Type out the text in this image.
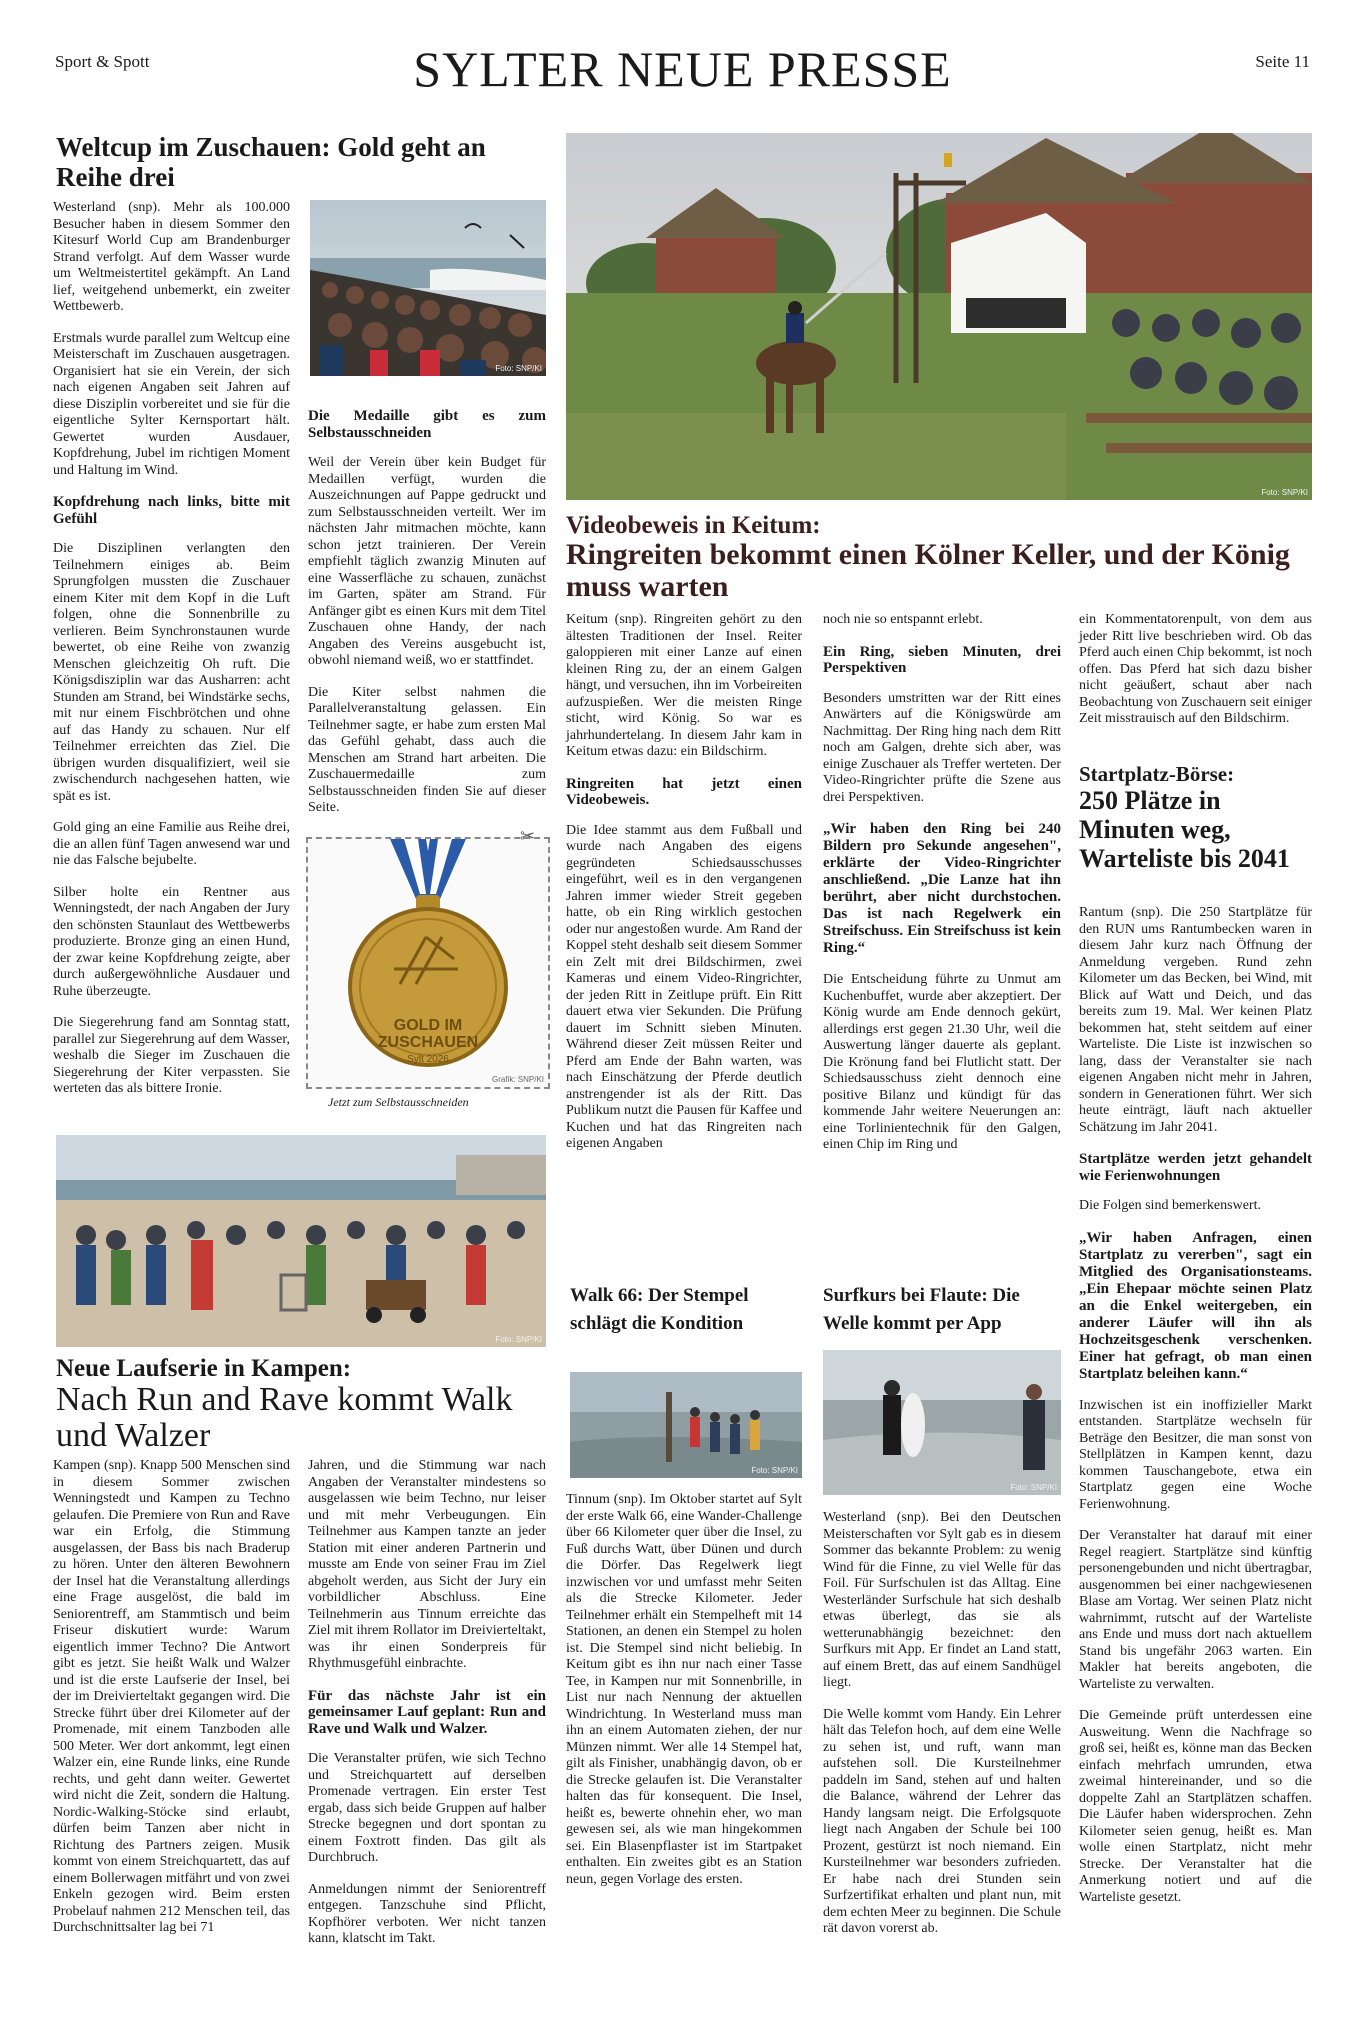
Sport & Spott	SYLTER NEUE PRESSE	Seite 11
Weltcup im Zuschauen: Gold geht an Reihe drei

Westerland (snp). Mehr als 100.000 Besucher haben in diesem Sommer den Kitesurf World Cup am Brandenburger Strand verfolgt. Auf dem Wasser wurde um Weltmeistertitel gekämpft. An Land lief, weitgehend unbemerkt, ein zweiter Wettbewerb.

Erstmals wurde parallel zum Weltcup eine Meisterschaft im Zuschauen ausgetragen. Organisiert hat sie ein Verein, der sich nach eigenen Angaben seit Jahren auf diese Disziplin vorbereitet und sie für die eigentliche Sylter Kernsportart hält. Gewertet wurden Ausdauer, Kopfdrehung, Jubel im richtigen Moment und Haltung im Wind.

Kopfdrehung nach links, bitte mit Gefühl

Die Disziplinen verlangten den Teilnehmern einiges ab. Beim Sprungfolgen mussten die Zuschauer einem Kiter mit dem Kopf in die Luft folgen, ohne die Sonnenbrille zu verlieren. Beim Synchronstaunen wurde bewertet, ob eine Reihe von zwanzig Menschen gleichzeitig Oh ruft. Die Königsdisziplin war das Ausharren: acht Stunden am Strand, bei Windstärke sechs, mit nur einem Fischbrötchen und ohne auf das Handy zu schauen. Nur elf Teilnehmer erreichten das Ziel. Die übrigen wurden disqualifiziert, weil sie zwischendurch nachgesehen hatten, wie spät es ist.

Gold ging an eine Familie aus Reihe drei, die an allen fünf Tagen anwesend war und nie das Falsche bejubelte.

Silber holte ein Rentner aus Wenningstedt, der nach Angaben der Jury den schönsten Staunlaut des Wettbewerbs produzierte. Bronze ging an einen Hund, der zwar keine Kopfdrehung zeigte, aber durch außergewöhnliche Ausdauer und Ruhe überzeugte.

Die Siegerehrung fand am Sonntag statt, parallel zur Siegerehrung auf dem Wasser, weshalb die Sieger im Zuschauen die Siegerehrung der Kiter verpassten. Sie werteten das als bittere Ironie.

Foto: SNP/KI
Die Medaille gibt es zum Selbstausschneiden

Weil der Verein über kein Budget für Medaillen verfügt, wurden die Auszeichnungen auf Pappe gedruckt und zum Selbstausschneiden verteilt. Wer im nächsten Jahr mitmachen möchte, kann schon jetzt trainieren. Der Verein empfiehlt täglich zwanzig Minuten auf eine Wasserfläche zu schauen, zunächst im Garten, später am Strand. Für Anfänger gibt es einen Kurs mit dem Titel Zuschauen ohne Handy, der nach Angaben des Vereins ausgebucht ist, obwohl niemand weiß, wo er stattfindet.

Die Kiter selbst nahmen die Parallelveranstaltung gelassen. Ein Teilnehmer sagte, er habe zum ersten Mal das Gefühl gehabt, dass auch die Menschen am Strand hart arbeiten. Die Zuschauermedaille zum Selbstausschneiden finden Sie auf dieser Seite.

GOLD IM
ZUSCHAUEN
Sylt 2026
Grafik: SNP/KI
✂
Jetzt zum Selbstausschneiden
Foto: SNP/KI
Videobeweis in Keitum:
Ringreiten bekommt einen Kölner Keller, und der König muss warten

Keitum (snp). Ringreiten gehört zu den ältesten Traditionen der Insel. Reiter galoppieren mit einer Lanze auf einen kleinen Ring zu, der an einem Galgen hängt, und versuchen, ihn im Vorbeireiten aufzuspießen. Wer die meisten Ringe sticht, wird König. So war es jahrhundertelang. In diesem Jahr kam in Keitum etwas dazu: ein Bildschirm.

Ringreiten hat jetzt einen Videobeweis.

Die Idee stammt aus dem Fußball und wurde nach Angaben des eigens gegründeten Schiedsausschusses eingeführt, weil es in den vergangenen Jahren immer wieder Streit gegeben hatte, ob ein Ring wirklich gestochen oder nur angestoßen wurde. Am Rand der Koppel steht deshalb seit diesem Sommer ein Zelt mit drei Bildschirmen, zwei Kameras und einem Video-Ringrichter, der jeden Ritt in Zeitlupe prüft. Ein Ritt dauert etwa vier Sekunden. Die Prüfung dauert im Schnitt sieben Minuten. Während dieser Zeit müssen Reiter und Pferd am Ende der Bahn warten, was nach Einschätzung der Pferde deutlich anstrengender ist als der Ritt. Das Publikum nutzt die Pausen für Kaffee und Kuchen und hat das Ringreiten nach eigenen Angaben

noch nie so entspannt erlebt.

Ein Ring, sieben Minuten, drei Perspektiven

Besonders umstritten war der Ritt eines Anwärters auf die Königswürde am Nachmittag. Der Ring hing nach dem Ritt noch am Galgen, drehte sich aber, was einige Zuschauer als Treffer werteten. Der Video-Ringrichter prüfte die Szene aus drei Perspektiven.

„Wir haben den Ring bei 240 Bildern pro Sekunde angesehen", erklärte der Video-Ringrichter anschließend. „Die Lanze hat ihn berührt, aber nicht durchstochen. Das ist nach Regelwerk ein Streifschuss. Ein Streifschuss ist kein Ring.“

Die Entscheidung führte zu Unmut am Kuchenbuffet, wurde aber akzeptiert. Der König wurde am Ende dennoch gekürt, allerdings erst gegen 21.30 Uhr, weil die Auswertung länger dauerte als geplant. Die Krönung fand bei Flutlicht statt. Der Schiedsausschuss zieht dennoch eine positive Bilanz und kündigt für das kommende Jahr weitere Neuerungen an: eine Torlinientechnik für den Galgen, einen Chip im Ring und

ein Kommentatorenpult, von dem aus jeder Ritt live beschrieben wird. Ob das Pferd auch einen Chip bekommt, ist noch offen. Das Pferd hat sich dazu bisher nicht geäußert, schaut aber nach Beobachtung von Zuschauern seit einiger Zeit misstrauisch auf den Bildschirm.

Startplatz-Börse:
250 Plätze in Minuten weg, Warteliste bis 2041

Rantum (snp). Die 250 Startplätze für den RUN ums Rantumbecken waren in diesem Jahr kurz nach Öffnung der Anmeldung vergeben. Rund zehn Kilometer um das Becken, bei Wind, mit Blick auf Watt und Deich, und das bereits zum 19. Mal. Wer keinen Platz bekommen hat, steht seitdem auf einer Warteliste. Die Liste ist inzwischen so lang, dass der Veranstalter sie nach eigenen Angaben nicht mehr in Jahren, sondern in Generationen führt. Wer sich heute einträgt, läuft nach aktueller Schätzung im Jahr 2041.

Startplätze werden jetzt gehandelt wie Ferienwohnungen

Die Folgen sind bemerkenswert.

„Wir haben Anfragen, einen Startplatz zu vererben", sagt ein Mitglied des Organisationsteams. „Ein Ehepaar möchte seinen Platz an die Enkel weitergeben, ein anderer Läufer will ihn als Hochzeitsgeschenk verschenken. Einer hat gefragt, ob man einen Startplatz beleihen kann.“

Inzwischen ist ein inoffizieller Markt entstanden. Startplätze wechseln für Beträge den Besitzer, die man sonst von Stellplätzen in Kampen kennt, dazu kommen Tauschangebote, etwa ein Startplatz gegen eine Woche Ferienwohnung.

Der Veranstalter hat darauf mit einer Regel reagiert. Startplätze sind künftig personengebunden und nicht übertragbar, ausgenommen bei einer nachgewiesenen Blase am Vortag. Wer seinen Platz nicht wahrnimmt, rutscht auf der Warteliste ans Ende und muss dort nach aktuellem Stand bis ungefähr 2063 warten. Ein Makler hat bereits angeboten, die Warteliste zu verwalten.

Die Gemeinde prüft unterdessen eine Ausweitung. Wenn die Nachfrage so groß sei, heißt es, könne man das Becken einfach mehrfach umrunden, etwa zweimal hintereinander, und so die doppelte Zahl an Startplätzen schaffen. Die Läufer haben widersprochen. Zehn Kilometer seien genug, heißt es. Man wolle einen Startplatz, nicht mehr Strecke. Der Veranstalter hat die Anmerkung notiert und auf die Warteliste gesetzt.

Walk 66: Der Stempel schlägt die Kondition
Foto: SNP/KI

Tinnum (snp). Im Oktober startet auf Sylt der erste Walk 66, eine Wander-Challenge über 66 Kilometer quer über die Insel, zu Fuß durchs Watt, über Dünen und durch die Dörfer. Das Regelwerk liegt inzwischen vor und umfasst mehr Seiten als die Strecke Kilometer. Jeder Teilnehmer erhält ein Stempelheft mit 14 Stationen, an denen ein Stempel zu holen ist. Die Stempel sind nicht beliebig. In Keitum gibt es ihn nur nach einer Tasse Tee, in Kampen nur mit Sonnenbrille, in List nur nach Nennung der aktuellen Windrichtung. In Westerland muss man ihn an einem Automaten ziehen, der nur Münzen nimmt. Wer alle 14 Stempel hat, gilt als Finisher, unabhängig davon, ob er die Strecke gelaufen ist. Die Veranstalter halten das für konsequent. Die Insel, heißt es, bewerte ohnehin eher, wo man gewesen sei, als wie man hingekommen sei. Ein Blasenpflaster ist im Startpaket enthalten. Ein zweites gibt es an Station neun, gegen Vorlage des ersten.

Surfkurs bei Flaute: Die Welle kommt per App
Foto: SNP/KI

Westerland (snp). Bei den Deutschen Meisterschaften vor Sylt gab es in diesem Sommer das bekannte Problem: zu wenig Wind für die Finne, zu viel Welle für das Foil. Für Surfschulen ist das Alltag. Eine Westerländer Surfschule hat sich deshalb etwas überlegt, das sie als wetterunabhängig bezeichnet: den Surfkurs mit App. Er findet an Land statt, auf einem Brett, das auf einem Sandhügel liegt.

Die Welle kommt vom Handy. Ein Lehrer hält das Telefon hoch, auf dem eine Welle zu sehen ist, und ruft, wann man aufstehen soll. Die Kursteilnehmer paddeln im Sand, stehen auf und halten die Balance, während der Lehrer das Handy langsam neigt. Die Erfolgsquote liegt nach Angaben der Schule bei 100 Prozent, gestürzt ist noch niemand. Ein Kursteilnehmer war besonders zufrieden. Er habe nach drei Stunden sein Surfzertifikat erhalten und plant nun, mit dem echten Meer zu beginnen. Die Schule rät davon vorerst ab.

Foto: SNP/KI
Neue Laufserie in Kampen:
Nach Run and Rave kommt Walk und Walzer

Kampen (snp). Knapp 500 Menschen sind in diesem Sommer zwischen Wenningstedt und Kampen zu Techno gelaufen. Die Premiere von Run and Rave war ein Erfolg, die Stimmung ausgelassen, der Bass bis nach Braderup zu hören. Unter den älteren Bewohnern der Insel hat die Veranstaltung allerdings eine Frage ausgelöst, die bald im Seniorentreff, am Stammtisch und beim Friseur diskutiert wurde: Warum eigentlich immer Techno? Die Antwort gibt es jetzt. Sie heißt Walk und Walzer und ist die erste Laufserie der Insel, bei der im Dreivierteltakt gegangen wird. Die Strecke führt über drei Kilometer auf der Promenade, mit einem Tanzboden alle 500 Meter. Wer dort ankommt, legt einen Walzer ein, eine Runde links, eine Runde rechts, und geht dann weiter. Gewertet wird nicht die Zeit, sondern die Haltung. Nordic-Walking-Stöcke sind erlaubt, dürfen beim Tanzen aber nicht in Richtung des Partners zeigen. Musik kommt von einem Streichquartett, das auf einem Bollerwagen mitfährt und von zwei Enkeln gezogen wird. Beim ersten Probelauf nahmen 212 Menschen teil, das Durchschnittsalter lag bei 71

Jahren, und die Stimmung war nach Angaben der Veranstalter mindestens so ausgelassen wie beim Techno, nur leiser und mit mehr Verbeugungen. Ein Teilnehmer aus Kampen tanzte an jeder Station mit einer anderen Partnerin und musste am Ende von seiner Frau im Ziel abgeholt werden, aus Sicht der Jury ein vorbildlicher Abschluss. Eine Teilnehmerin aus Tinnum erreichte das Ziel mit ihrem Rollator im Dreivierteltakt, was ihr einen Sonderpreis für Rhythmusgefühl einbrachte.

Für das nächste Jahr ist ein gemeinsamer Lauf geplant: Run and Rave und Walk und Walzer.

Die Veranstalter prüfen, wie sich Techno und Streichquartett auf derselben Promenade vertragen. Ein erster Test ergab, dass sich beide Gruppen auf halber Strecke begegnen und dort spontan zu einem Foxtrott finden. Das gilt als Durchbruch.

Anmeldungen nimmt der Seniorentreff entgegen. Tanzschuhe sind Pflicht, Kopfhörer verboten. Wer nicht tanzen kann, klatscht im Takt.
